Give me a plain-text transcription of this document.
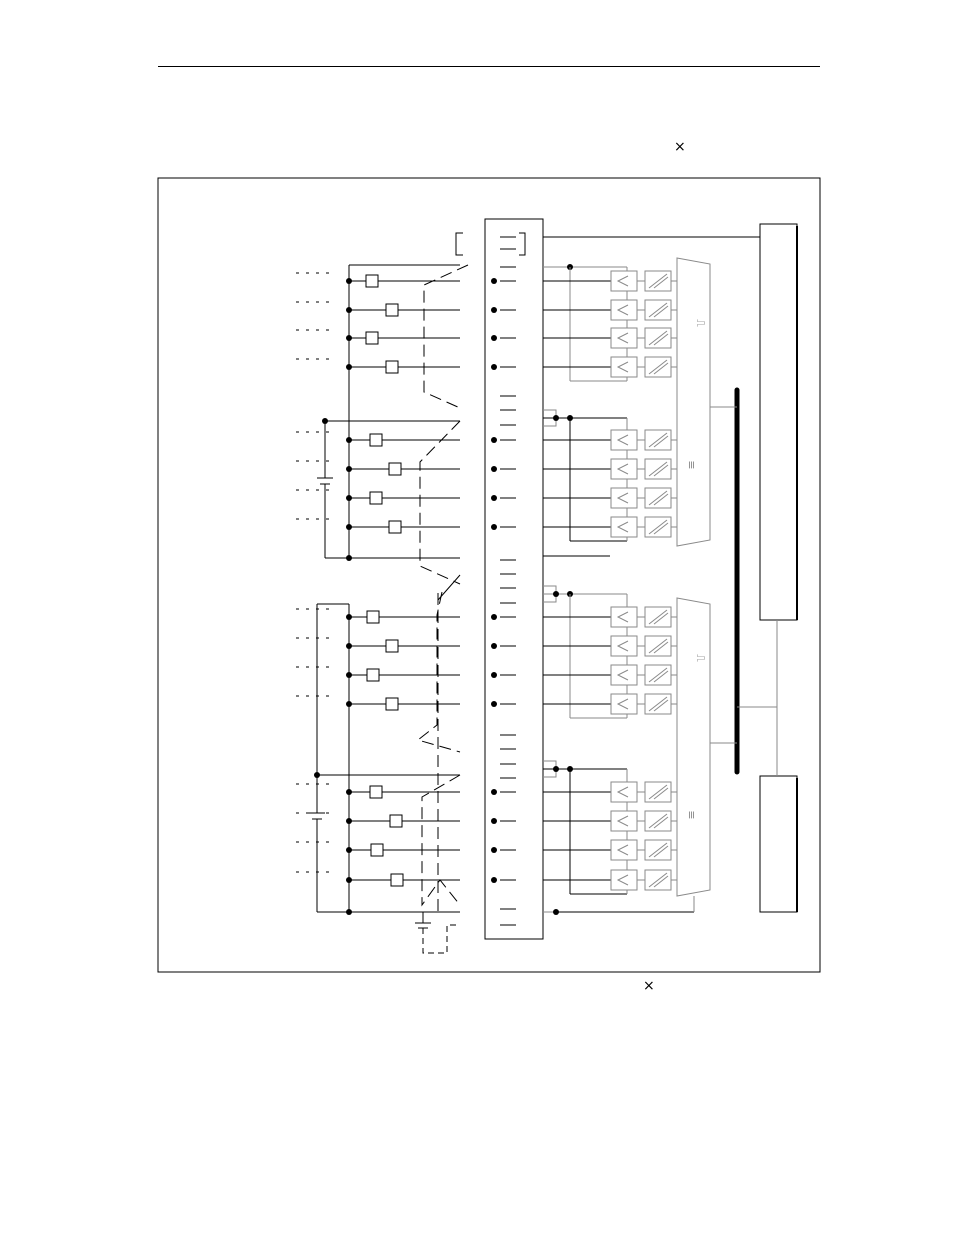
×
×
⎍
≡
⎍
≡
